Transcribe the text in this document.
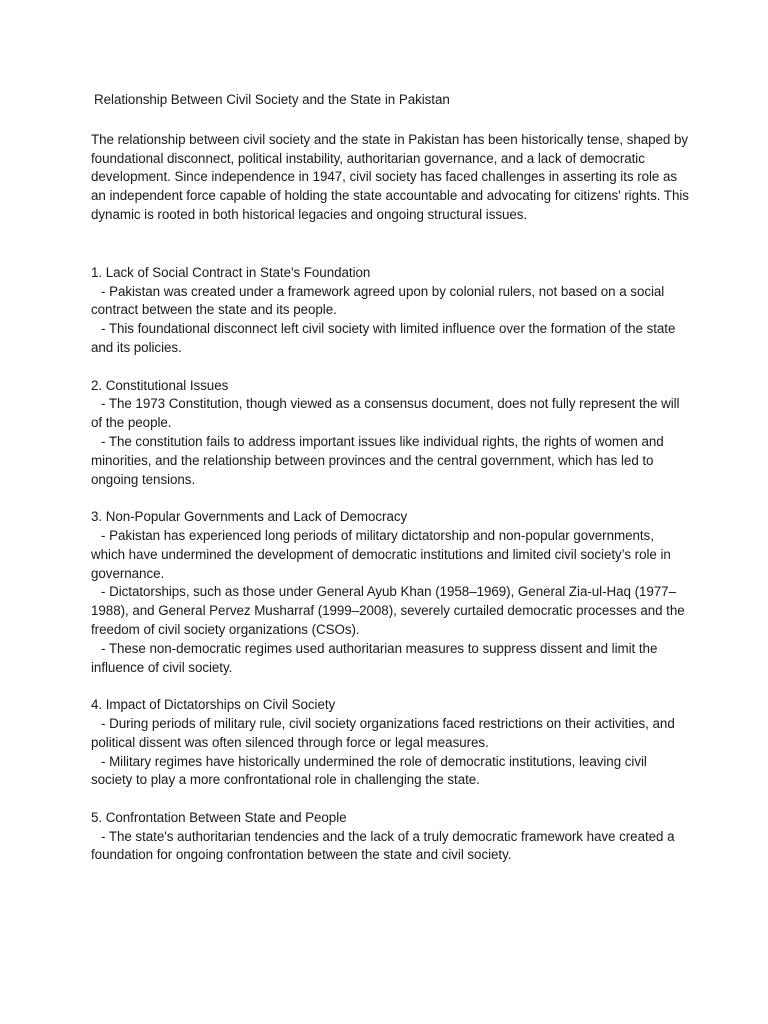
Relationship Between Civil Society and the State in Pakistan

The relationship between civil society and the state in Pakistan has been historically tense, shaped by foundational disconnect, political instability, authoritarian governance, and a lack of democratic development. Since independence in 1947, civil society has faced challenges in asserting its role as an independent force capable of holding the state accountable and advocating for citizens' rights. This dynamic is rooted in both historical legacies and ongoing structural issues.

1. Lack of Social Contract in State's Foundation

- Pakistan was created under a framework agreed upon by colonial rulers, not based on a social contract between the state and its people.

- This foundational disconnect left civil society with limited influence over the formation of the state and its policies.

2. Constitutional Issues

- The 1973 Constitution, though viewed as a consensus document, does not fully represent the will of the people.

- The constitution fails to address important issues like individual rights, the rights of women and minorities, and the relationship between provinces and the central government, which has led to ongoing tensions.

3. Non-Popular Governments and Lack of Democracy

- Pakistan has experienced long periods of military dictatorship and non-popular governments, which have undermined the development of democratic institutions and limited civil society’s role in governance.

- Dictatorships, such as those under General Ayub Khan (1958–1969), General Zia-ul-Haq (1977–1988), and General Pervez Musharraf (1999–2008), severely curtailed democratic processes and the freedom of civil society organizations (CSOs).

- These non-democratic regimes used authoritarian measures to suppress dissent and limit the influence of civil society.

4. Impact of Dictatorships on Civil Society

- During periods of military rule, civil society organizations faced restrictions on their activities, and political dissent was often silenced through force or legal measures.

- Military regimes have historically undermined the role of democratic institutions, leaving civil society to play a more confrontational role in challenging the state.

5. Confrontation Between State and People

- The state's authoritarian tendencies and the lack of a truly democratic framework have created a foundation for ongoing confrontation between the state and civil society.
